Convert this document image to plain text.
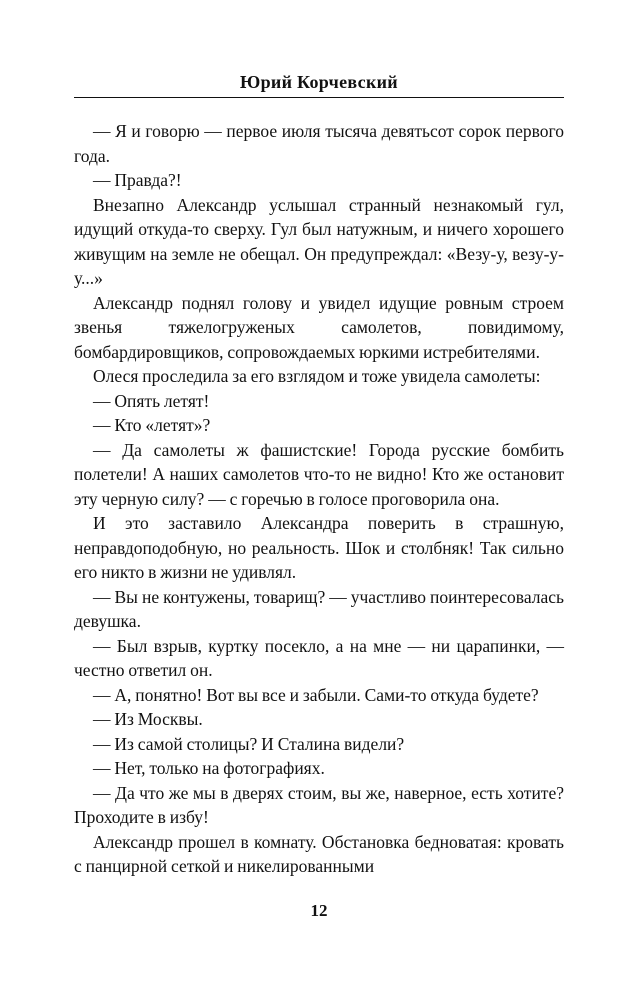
Юрий Корчевский

— Я и говорю — первое июля тысяча девятьсот сорок первого года.

— Правда?!

Внезапно Александр услышал странный незнакомый гул, идущий откуда-то сверху. Гул был натужным, и ничего хорошего живущим на земле не обещал. Он предупреждал: «Везу-у, везу-у-у...»

Александр поднял голову и увидел идущие ровным строем звенья тяжелогруженых самолетов, повидимому, бомбардировщиков, сопровождаемых юркими истребителями.

Олеся проследила за его взглядом и тоже увидела самолеты:

— Опять летят!

— Кто «летят»?

— Да самолеты ж фашистские! Города русские бомбить полетели! А наших самолетов что-то не видно! Кто же остановит эту черную силу? — с горечью в голосе проговорила она.

И это заставило Александра поверить в страшную, неправдоподобную, но реальность. Шок и столбняк! Так сильно его никто в жизни не удивлял.

— Вы не контужены, товарищ? — участливо поинтересовалась девушка.

— Был взрыв, куртку посекло, а на мне — ни царапинки, — честно ответил он.

— А, понятно! Вот вы все и забыли. Сами-то откуда будете?

— Из Москвы.

— Из самой столицы? И Сталина видели?

— Нет, только на фотографиях.

— Да что же мы в дверях стоим, вы же, наверное, есть хотите? Проходите в избу!

Александр прошел в комнату. Обстановка бедноватая: кровать с панцирной сеткой и никелированными

12
